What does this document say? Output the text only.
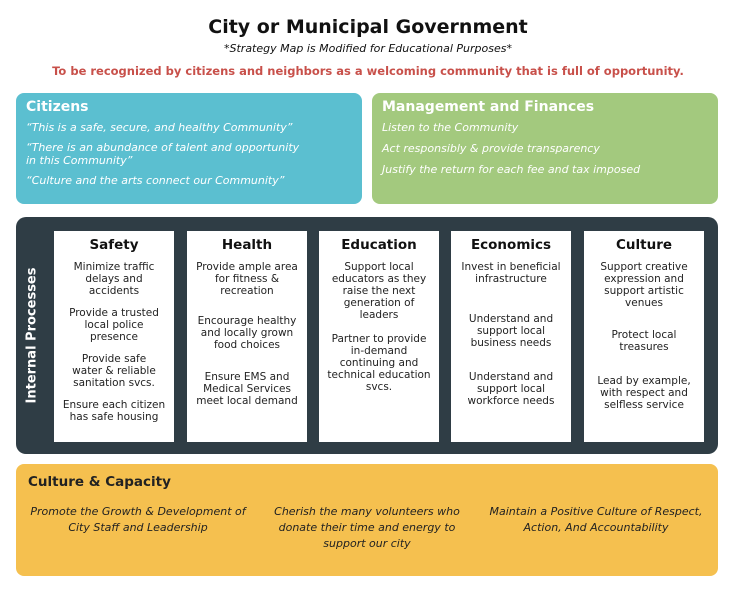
City or Municipal Government
*Strategy Map is Modified for Educational Purposes*
To be recognized by citizens and neighbors as a welcoming community that is full of opportunity.
Citizens
“This is a safe, secure, and healthy Community”
“There is an abundance of talent and opportunity in this Community”
“Culture and the arts connect our Community”
Management and Finances
Listen to the Community
Act responsibly & provide transparency
Justify the return for each fee and tax imposed
Internal Processes
Safety
Minimize traffic delays and accidents
Provide a trusted local police presence
Provide safe water & reliable sanitation svcs.
Ensure each citizen has safe housing
Health
Provide ample area for fitness & recreation
Encourage healthy and locally grown food choices
Ensure EMS and Medical Services meet local demand
Education
Support local educators as they raise the next generation of leaders
Partner to provide in-demand continuing and technical education svcs.
Economics
Invest in beneficial infrastructure
Understand and support local business needs
Understand and support local workforce needs
Culture
Support creative expression and support artistic venues
Protect local treasures
Lead by example, with respect and selfless service
Culture & Capacity
Promote the Growth & Development of City Staff and Leadership
Cherish the many volunteers who donate their time and energy to support our city
Maintain a Positive Culture of Respect, Action, And Accountability
